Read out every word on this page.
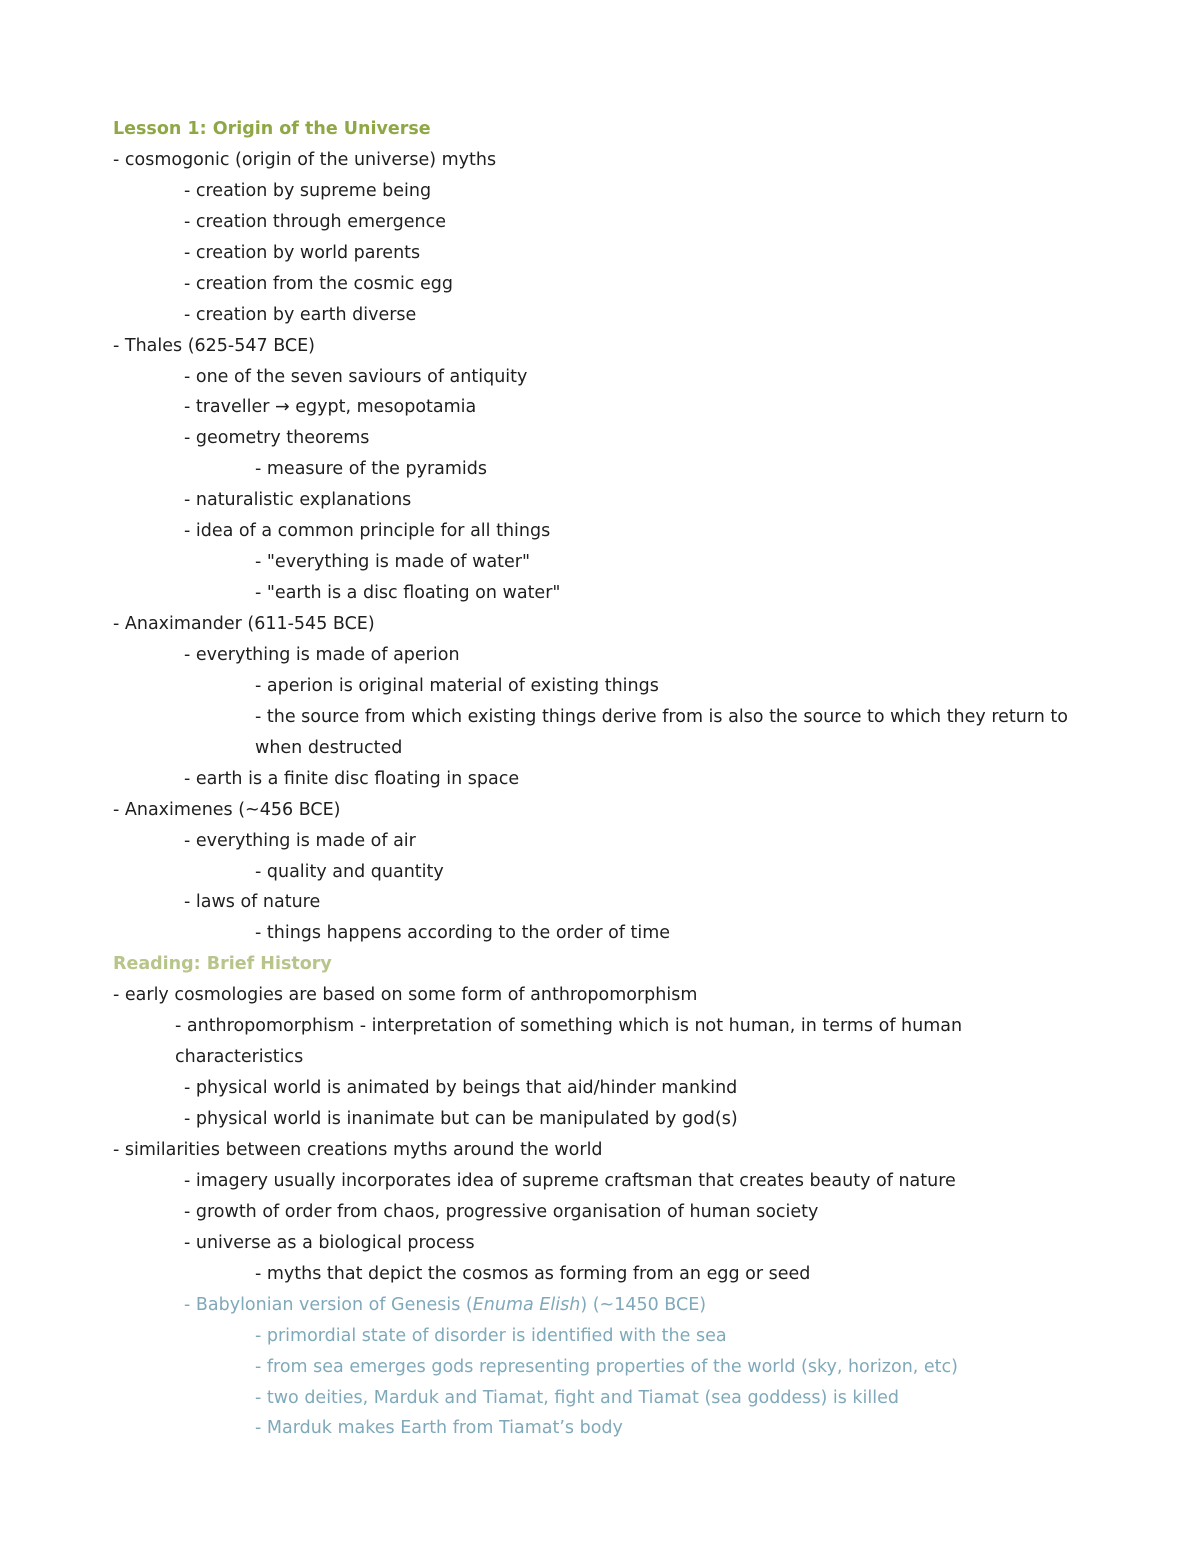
Lesson 1: Origin of the Universe
- cosmogonic (origin of the universe) myths
- creation by supreme being
- creation through emergence
- creation by world parents
- creation from the cosmic egg
- creation by earth diverse
- Thales (625-547 BCE)
- one of the seven saviours of antiquity
- traveller → egypt, mesopotamia
- geometry theorems
- measure of the pyramids
- naturalistic explanations
- idea of a common principle for all things
- "everything is made of water"
- "earth is a disc floating on water"
- Anaximander (611-545 BCE)
- everything is made of aperion
- aperion is original material of existing things
- the source from which existing things derive from is also the source to which they return to when destructed
- earth is a finite disc floating in space
- Anaximenes (~456 BCE)
- everything is made of air
- quality and quantity
- laws of nature
- things happens according to the order of time
Reading: Brief History
- early cosmologies are based on some form of anthropomorphism
- anthropomorphism - interpretation of something which is not human, in terms of human characteristics
- physical world is animated by beings that aid/hinder mankind
- physical world is inanimate but can be manipulated by god(s)
- similarities between creations myths around the world
- imagery usually incorporates idea of supreme craftsman that creates beauty of nature
- growth of order from chaos, progressive organisation of human society
- universe as a biological process
- myths that depict the cosmos as forming from an egg or seed
- Babylonian version of Genesis (Enuma Elish) (~1450 BCE)
- primordial state of disorder is identified with the sea
- from sea emerges gods representing properties of the world (sky, horizon, etc)
- two deities, Marduk and Tiamat, fight and Tiamat (sea goddess) is killed
- Marduk makes Earth from Tiamat’s body
